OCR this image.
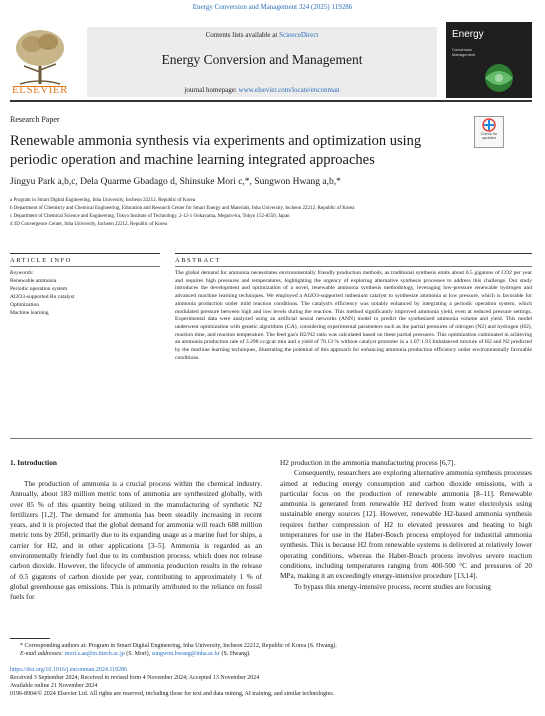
Energy Conversion and Management 324 (2025) 119286
ELSEVIER
Contents lists available at ScienceDirect
Energy Conversion and Management
journal homepage: www.elsevier.com/locate/enconman
Energy
Conversion
Management
Research Paper
Renewable ammonia synthesis via experiments and optimization using periodic operation and machine learning integrated approaches
Check for updates
Jingyu Park a,b,c, Dela Quarme Gbadago d, Shinsuke Mori c,*, Sungwon Hwang a,b,*
a Program in Smart Digital Engineering, Inha University, Incheon 22212, Republic of Korea
b Department of Chemistry and Chemical Engineering, Education and Research Center for Smart Energy and Materials, Inha University, Incheon 22212, Republic of Korea
c Department of Chemical Science and Engineering, Tokyo Institute of Technology, 2-12-1 Ookayama, Meguro-ku, Tokyo 152-8550, Japan
d 3D Convergence Center, Inha University, Incheon 22212, Republic of Korea
ARTICLE INFO	ABSTRACT
Keywords:
Renewable ammonia
Periodic operation system
Al2O3-supported Ru catalyst
Optimization
Machine learning
The global demand for ammonia necessitates environmentally friendly production methods, as traditional synthesis emits about 0.5 gigatons of CO2 per year and requires high pressures and temperatures, highlighting the urgency of exploring alternative synthesis processes to address this challenge. Our study introduces the development and optimization of a novel, renewable ammonia synthesis methodology, leveraging low-pressure renewable hydrogen and advanced machine learning techniques. We employed a Al2O3-supported ruthenium catalyst to synthesize ammonia at low pressure, which is favorable for ammonia production under mild reaction conditions. The catalyst's efficiency was notably enhanced by integrating a periodic operation system, which modulated pressure between high and low levels during the reaction. This method significantly improved ammonia yield, even at reduced pressure settings. Experimental data were analyzed using an artificial neural networks (ANN) model to predict the synthesized ammonia volume and yield. This model underwent optimization with genetic algorithms (GA), considering experimental parameters such as the partial pressures of nitrogen (N2) and hydrogen (H2), reaction time, and reaction temperature. The feed gas's H2/N2 ratio was calculated based on these partial pressures. This optimization culminated in achieving an ammonia production rate of 3.298 cc/gcat·min and a yield of 78.13 % without catalyst promoter in a 1.07:1.93 Imbalanced mixture of H2 and N2 predicted by the machine learning techniques, illustrating the potential of this approach for enhancing ammonia production efficiency under environmentally favorable conditions.
1. Introduction
The production of ammonia is a crucial process within the chemical industry. Annually, about 183 million metric tons of ammonia are synthesized globally, with over 85 % of this quantity being utilized in the manufacturing of synthetic N2 fertilizers [1,2]. The demand for ammonia has been steadily increasing in recent years, and it is projected that the global demand for ammonia will reach 688 million metric tons by 2050, primarily due to its expanding usage as a marine fuel for ships, a carrier for H2, and in other applications [3–5]. Ammonia is regarded as an environmentally friendly fuel due to its combustion process, which does not release carbon dioxide. However, the lifecycle of ammonia production results in the release of 0.5 gigatons of carbon dioxide per year, contributing to approximately 1 % of global greenhouse gas emissions. This is primarily attributed to the reliance on fossil fuels for
H2 production in the ammonia manufacturing process [6,7].
Consequently, researchers are exploring alternative ammonia synthesis processes aimed at reducing energy consumption and carbon dioxide emissions, with a particular focus on the production of renewable ammonia [8–11]. Renewable ammonia is generated from renewable H2 derived from water electrolysis using sustainable energy sources [12]. However, renewable H2-based ammonia synthesis requires further compression of H2 to elevated pressures and heating to high temperatures for use in the Haber-Bosch process employed for industrial ammonia synthesis. This is because H2 from renewable systems is delivered at relatively lower operating conditions, whereas the Haber-Bosch process involves severe reaction conditions, including temperatures ranging from 400-500 °C and pressures of 20 MPa, making it an exceedingly energy-intensive procedure [13,14].
To bypass this energy-intensive process, recent studies are focusing
* Corresponding authors at: Program in Smart Digital Engineering, Inha University, Incheon 22212, Republic of Korea (S. Hwang).
E-mail addresses: mori.s.aa@m.titech.ac.jp (S. Mori), sungwon.hwang@inha.ac.kr (S. Hwang).
https://doi.org/10.1016/j.enconman.2024.119286
Received 3 September 2024; Received in revised form 4 November 2024; Accepted 13 November 2024
Available online 21 November 2024
0196-8904/© 2024 Elsevier Ltd. All rights are reserved, including those for text and data mining, AI training, and similar technologies.
